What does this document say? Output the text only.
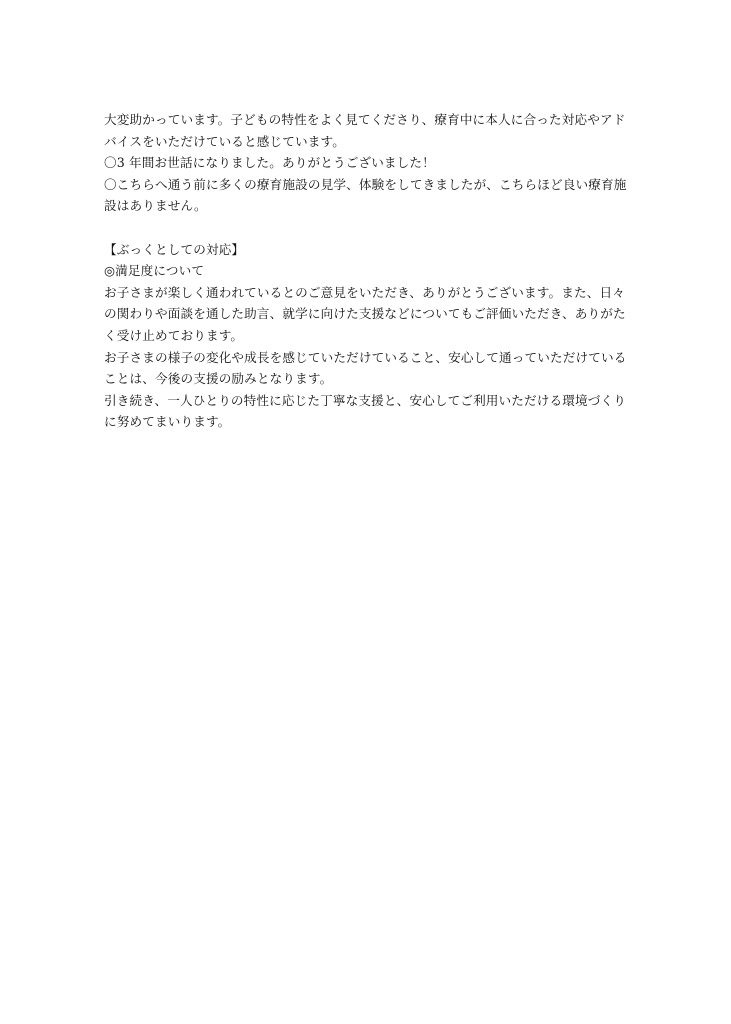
大変助かっています。子どもの特性をよく見てくださり、療育中に本人に合った対応やアドバイスをいただけていると感じています。

〇3 年間お世話になりました。ありがとうございました！

〇こちらへ通う前に多くの療育施設の見学、体験をしてきましたが、こちらほど良い療育施設はありません。

【ぶっくとしての対応】

◎満足度について

お子さまが楽しく通われているとのご意見をいただき、ありがとうございます。また、日々の関わりや面談を通した助言、就学に向けた支援などについてもご評価いただき、ありがたく受け止めております。

お子さまの様子の変化や成長を感じていただけていること、安心して通っていただけていることは、今後の支援の励みとなります。

引き続き、一人ひとりの特性に応じた丁寧な支援と、安心してご利用いただける環境づくりに努めてまいります。
